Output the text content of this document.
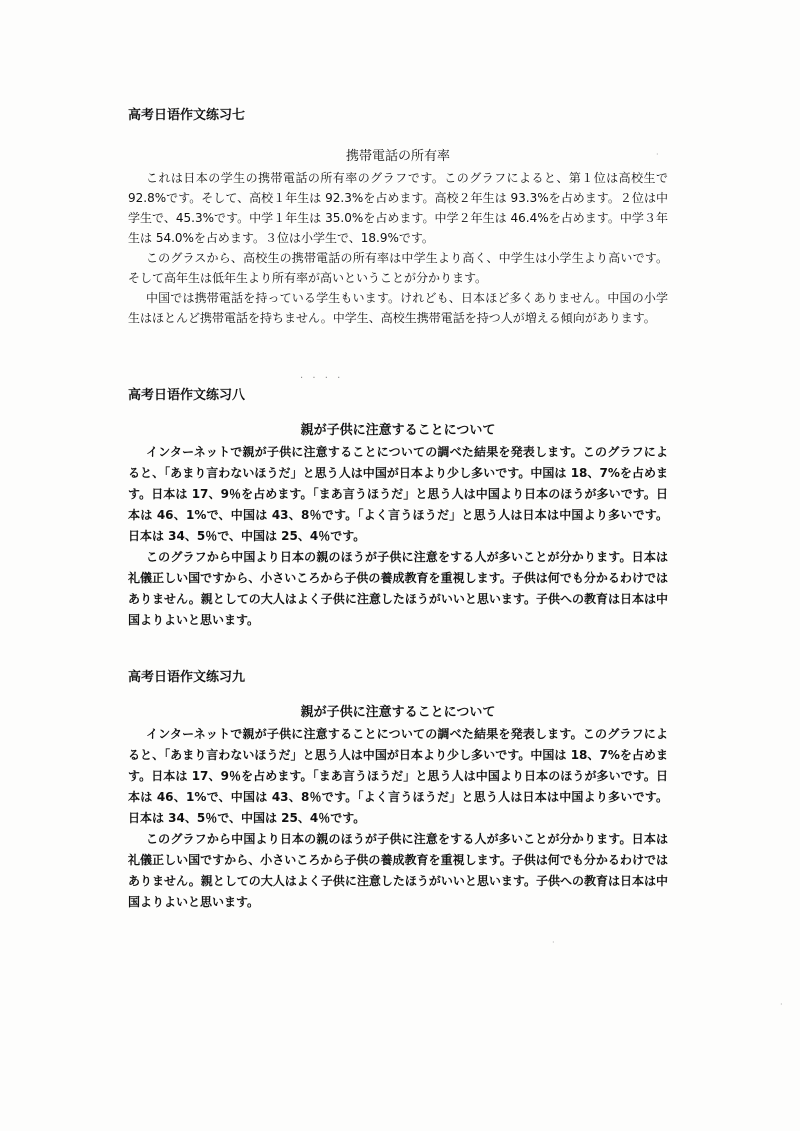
高考日语作文练习七

携帯電話の所有率

これは日本の学生の携帯電話の所有率のグラフです。このグラフによると、第１位は高校生で 92.8%です。そして、高校１年生は 92.3%を占めます。高校２年生は 93.3%を占めます。２位は中学生で、45.3%です。中学１年生は 35.0%を占めます。中学２年生は 46.4%を占めます。中学３年生は 54.0%を占めます。３位は小学生で、18.9%です。

このグラスから、高校生の携帯電話の所有率は中学生より高く、中学生は小学生より高いです。そして高年生は低年生より所有率が高いということが分かります。

中国では携帯電話を持っている学生もいます。けれども、日本ほど多くありません。中国の小学生はほとんど携帯電話を持ちません。中学生、高校生携帯電話を持つ人が増える傾向があります。

· · · ·

高考日语作文练习八

親が子供に注意することについて

インターネットで親が子供に注意することについての調べた結果を発表します。このグラフによると、「あまり言わないほうだ」と思う人は中国が日本より少し多いです。中国は 18、7%を占めます。日本は 17、9％を占めます。「まあ言うほうだ」と思う人は中国より日本のほうが多いです。日本は 46、1%で、中国は 43、8％です。「よく言うほうだ」と思う人は日本は中国より多いです。日本は 34、5％で、中国は 25、4％です。

このグラフから中国より日本の親のほうが子供に注意をする人が多いことが分かります。日本は礼儀正しい国ですから、小さいころから子供の養成教育を重視します。子供は何でも分かるわけではありません。親としての大人はよく子供に注意したほうがいいと思います。子供への教育は日本は中国よりよいと思います。

高考日语作文练习九

親が子供に注意することについて

インターネットで親が子供に注意することについての調べた結果を発表します。このグラフによると、「あまり言わないほうだ」と思う人は中国が日本より少し多いです。中国は 18、7%を占めます。日本は 17、9％を占めます。「まあ言うほうだ」と思う人は中国より日本のほうが多いです。日本は 46、1%で、中国は 43、8％です。「よく言うほうだ」と思う人は日本は中国より多いです。日本は 34、5％で、中国は 25、4％です。

このグラフから中国より日本の親のほうが子供に注意をする人が多いことが分かります。日本は礼儀正しい国ですから、小さいころから子供の養成教育を重視します。子供は何でも分かるわけではありません。親としての大人はよく子供に注意したほうがいいと思います。子供への教育は日本は中国よりよいと思います。

·
·
·
